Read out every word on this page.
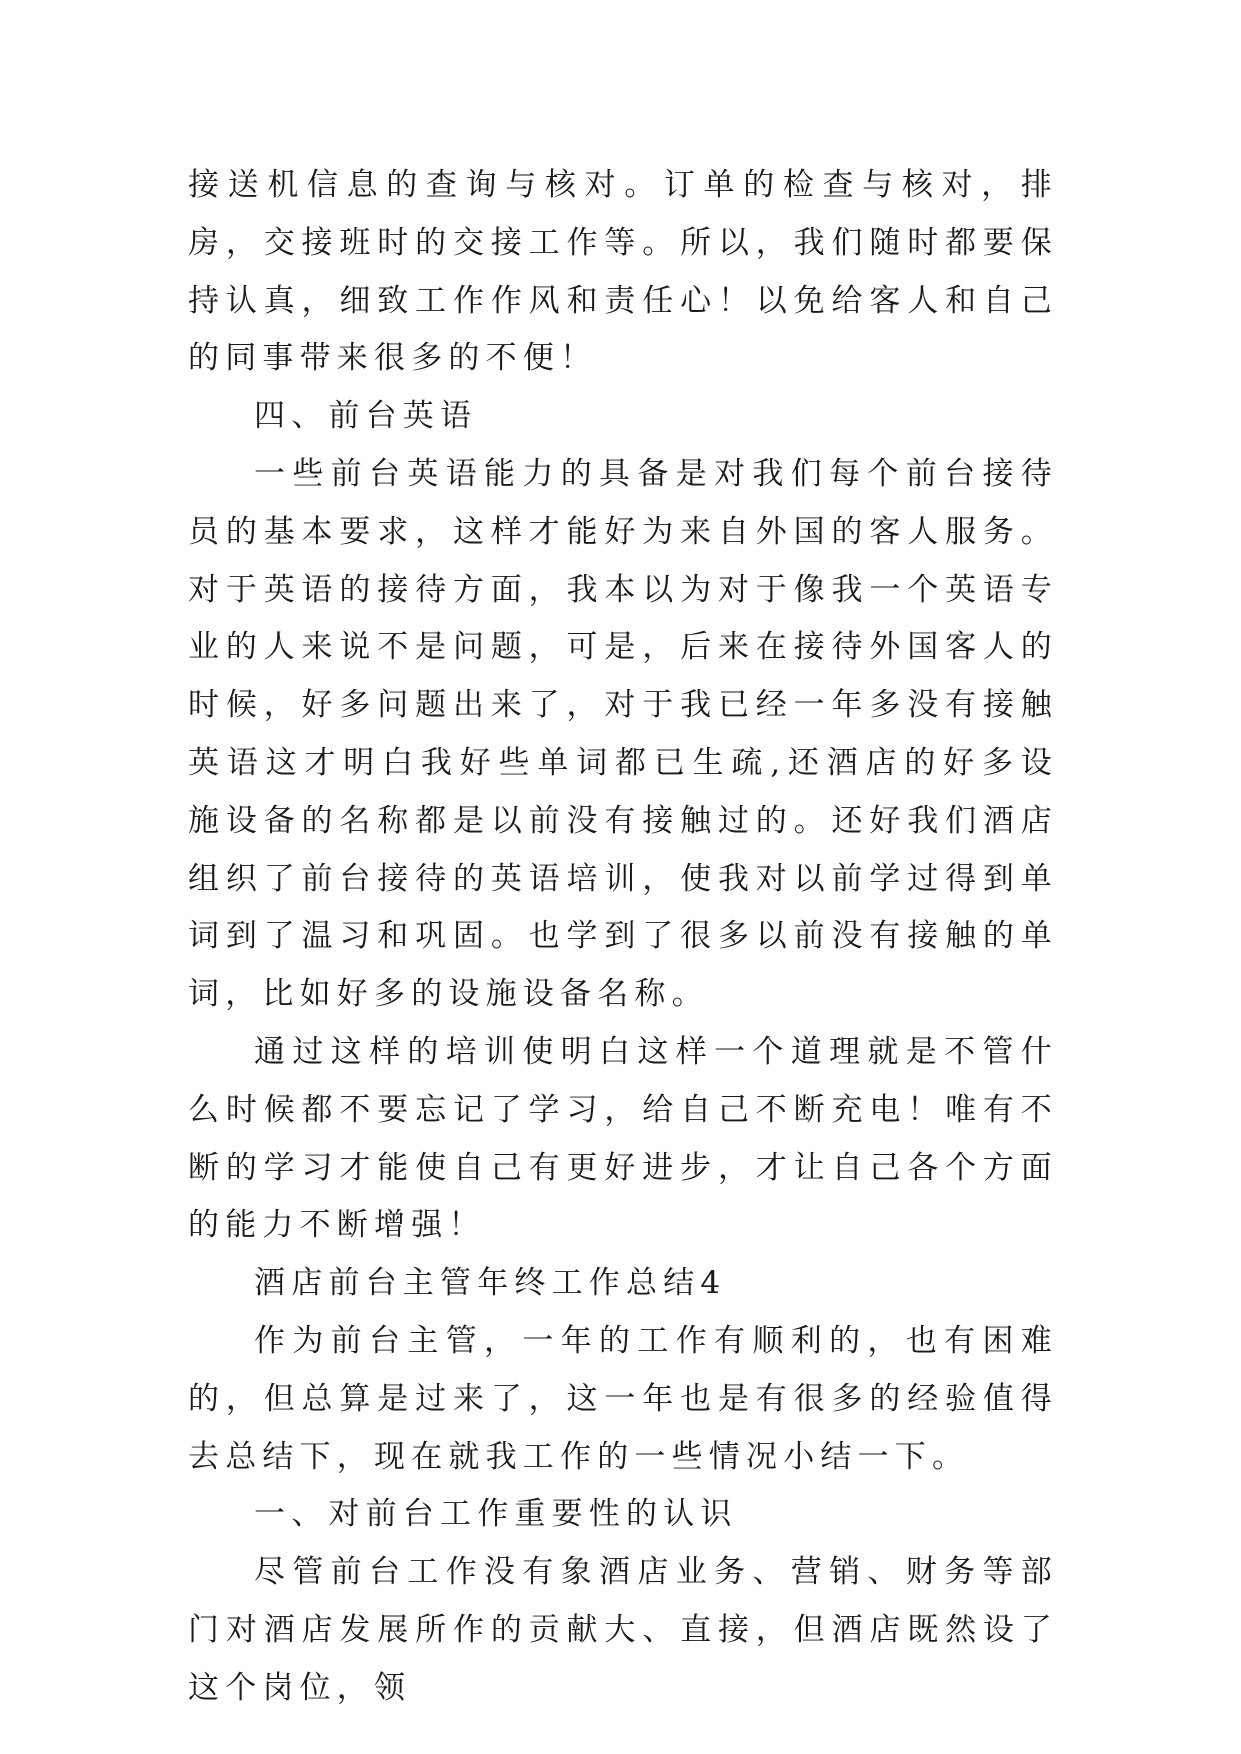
接送机信息的查询与核对。订单的检查与核对，排房，交接班时的交接工作等。所以，我们随时都要保持认真，细致工作作风和责任心！以免给客人和自己的同事带来很多的不便！

四、前台英语

一些前台英语能力的具备是对我们每个前台接待员的基本要求，这样才能好为来自外国的客人服务。对于英语的接待方面，我本以为对于像我一个英语专业的人来说不是问题，可是，后来在接待外国客人的时候，好多问题出来了，对于我已经一年多没有接触英语这才明白我好些单词都已生疏,还酒店的好多设施设备的名称都是以前没有接触过的。还好我们酒店组织了前台接待的英语培训，使我对以前学过得到单词到了温习和巩固。也学到了很多以前没有接触的单词，比如好多的设施设备名称。

通过这样的培训使明白这样一个道理就是不管什么时候都不要忘记了学习，给自己不断充电！唯有不断的学习才能使自己有更好进步，才让自己各个方面的能力不断增强！

酒店前台主管年终工作总结4

作为前台主管，一年的工作有顺利的，也有困难的，但总算是过来了，这一年也是有很多的经验值得去总结下，现在就我工作的一些情况小结一下。

一、对前台工作重要性的认识

尽管前台工作没有象酒店业务、营销、财务等部门对酒店发展所作的贡献大、直接，但酒店既然设了这个岗位，领
